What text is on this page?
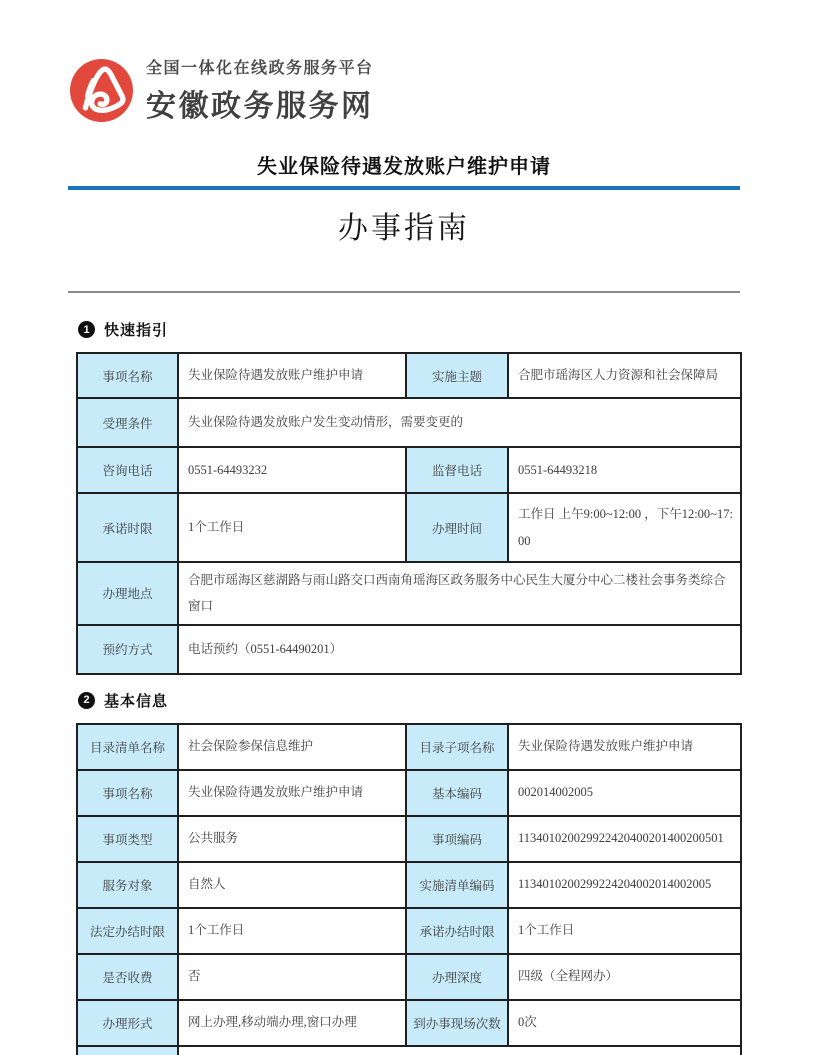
全国一体化在线政务服务平台
安徽政务服务网
失业保险待遇发放账户维护申请
办事指南
1 快速指引
事项名称	失业保险待遇发放账户维护申请	实施主题	合肥市瑶海区人力资源和社会保障局
受理条件	失业保险待遇发放账户发生变动情形，需要变更的		
咨询电话	0551-64493232	监督电话	0551-64493218
承诺时限	1个工作日	办理时间	工作日 上午9:00~12:00 ，下午12:00~17:00
办理地点	合肥市瑶海区慈湖路与雨山路交口西南角瑶海区政务服务中心民生大厦分中心二楼社会事务类综合窗口		
预约方式	电话预约（0551-64490201）		
2 基本信息
目录清单名称	社会保险参保信息维护	目录子项名称	失业保险待遇发放账户维护申请
事项名称	失业保险待遇发放账户维护申请	基本编码	002014002005
事项类型	公共服务	事项编码	113401020029922420400201400200501
服务对象	自然人	实施清单编码	1134010200299224204002014002005
法定办结时限	1个工作日	承诺办结时限	1个工作日
是否收费	否	办理深度	四级（全程网办）
办理形式	网上办理,移动端办理,窗口办理	到办事现场次数	0次
